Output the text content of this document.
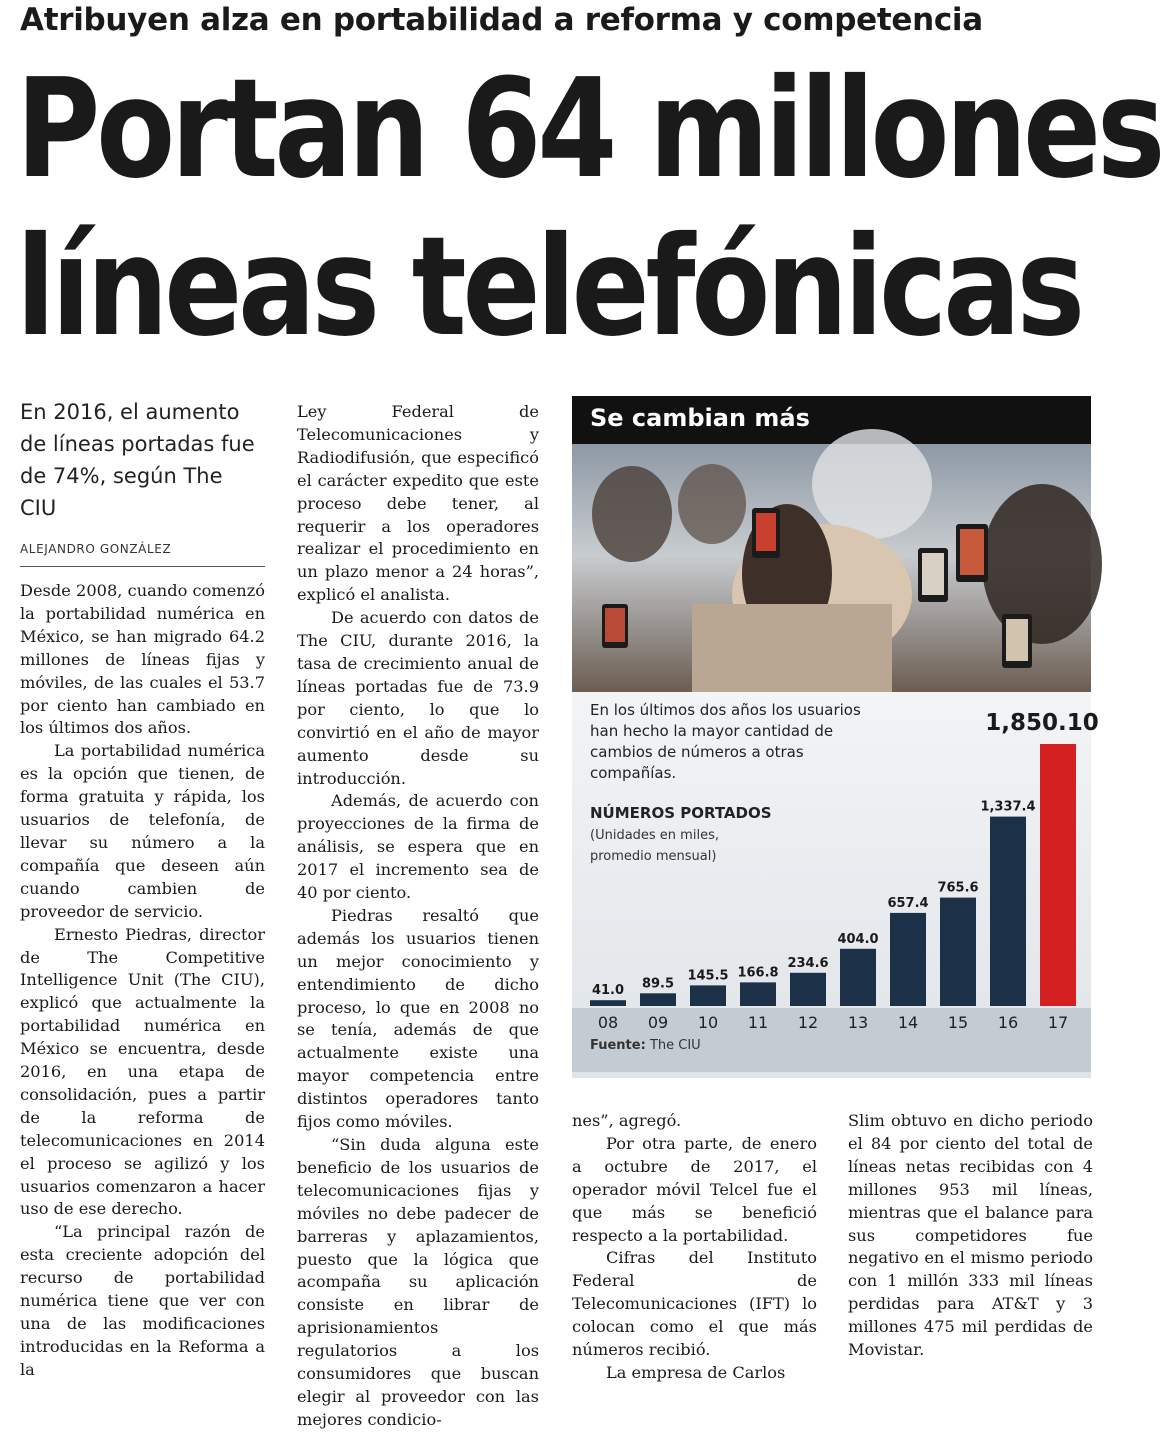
Atribuyen alza en portabilidad a reforma y competencia
Portan 64 millones
líneas telefónicas
En 2016, el aumento de líneas portadas fue de 74%, según The CIU
ALEJANDRO GONZÁLEZ

Desde 2008, cuando comenzó la portabilidad numérica en México, se han migrado 64.2 millones de líneas fijas y móviles, de las cuales el 53.7 por ciento han cambiado en los últimos dos años.

La portabilidad numérica es la opción que tienen, de forma gratuita y rápida, los usuarios de telefonía, de llevar su número a la compañía que deseen aún cuando cambien de proveedor de servicio.

Ernesto Piedras, director de The Competitive Intelligence Unit (The CIU), explicó que actualmente la portabilidad numérica en México se encuentra, desde 2016, en una etapa de consolidación, pues a partir de la reforma de telecomunicaciones en 2014 el proceso se agilizó y los usuarios comenzaron a hacer uso de ese derecho.

“La principal razón de esta creciente adopción del recurso de portabilidad numérica tiene que ver con una de las modificaciones introducidas en la Reforma a la

Ley Federal de Telecomunicaciones y Radiodifusión, que especificó el carácter expedito que este proceso debe tener, al requerir a los operadores realizar el procedimiento en un plazo menor a 24 horas”, explicó el analista.

De acuerdo con datos de The CIU, durante 2016, la tasa de crecimiento anual de líneas portadas fue de 73.9 por ciento, lo que lo convirtió en el año de mayor aumento desde su introducción.

Además, de acuerdo con proyecciones de la firma de análisis, se espera que en 2017 el incremento sea de 40 por ciento.

Piedras resaltó que además los usuarios tienen un mejor conocimiento y entendimiento de dicho proceso, lo que en 2008 no se tenía, además de que actualmente existe una mayor competencia entre distintos operadores tanto fijos como móviles.

“Sin duda alguna este beneficio de los usuarios de telecomunicaciones fijas y móviles no debe padecer de barreras y aplazamientos, puesto que la lógica que acompaña su aplicación consiste en librar de aprisionamientos regulatorios a los consumidores que buscan elegir al proveedor con las mejores condicio-

nes”, agregó.

Por otra parte, de enero a octubre de 2017, el operador móvil Telcel fue el que más se benefició respecto a la portabilidad.

Cifras del Instituto Federal de Telecomunicaciones (IFT) lo colocan como el que más números recibió.

La empresa de Carlos

Slim obtuvo en dicho periodo el 84 por ciento del total de líneas netas recibidas con 4 millones 953 mil líneas, mientras que el balance para sus competidores fue negativo en el mismo periodo con 1 millón 333 mil líneas perdidas para AT&T y 3 millones 475 mil perdidas de Movistar.

Se cambian más
En los últimos dos años los usuarios han hecho la mayor cantidad de cambios de números a otras compañías.
NÚMEROS PORTADOS
(Unidades en miles, promedio mensual)
41.0
08
89.5
09
145.5
10
166.8
11
234.6
12
404.0
13
657.4
14
765.6
15
1,337.4
16
1,850.10
17
Fuente: The CIU
